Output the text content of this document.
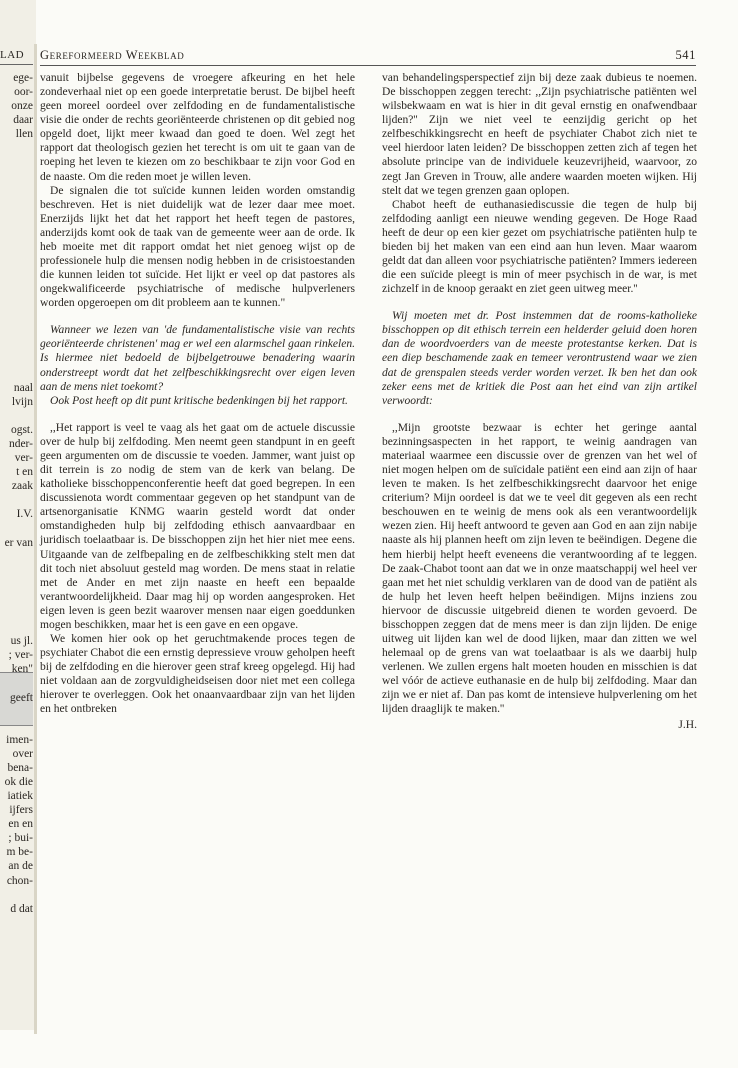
LAD
ege-
oor-
onze
daar
llen
naal
lvijn
ogst.
nder-
ver-
t en
zaak
I.V.
er van
us jl.
; ver-
ken"
geeft
imen-
over
bena-
ok die
iatiek
ijfers
en en
; bui-
m be-
an de
chon-
d dat
Gereformeerd Weekblad	541

vanuit bijbelse gegevens de vroegere afkeuring en het hele zondeverhaal niet op een goede interpretatie berust. De bijbel heeft geen moreel oordeel over zelfdoding en de fundamentalistische visie die onder de rechts georiënteerde christenen op dit gebied nog opgeld doet, lijkt meer kwaad dan goed te doen. Wel zegt het rapport dat theologisch gezien het terecht is om uit te gaan van de roeping het leven te kiezen om zo beschikbaar te zijn voor God en de naaste. Om die reden moet je willen leven.

De signalen die tot suïcide kunnen leiden worden omstandig beschreven. Het is niet duidelijk wat de lezer daar mee moet. Enerzijds lijkt het dat het rapport het heeft tegen de pastores, anderzijds komt ook de taak van de gemeente weer aan de orde. Ik heb moeite met dit rapport omdat het niet genoeg wijst op de professionele hulp die mensen nodig hebben in de crisistoestanden die kunnen leiden tot suïcide. Het lijkt er veel op dat pastores als ongekwalificeerde psychiatrische of medische hulpverleners worden opgeroepen om dit probleem aan te kunnen."

Wanneer we lezen van 'de fundamentalistische visie van rechts georiënteerde christenen' mag er wel een alarmschel gaan rinkelen. Is hiermee niet bedoeld de bijbelgetrouwe benadering waarin onderstreept wordt dat het zelfbeschikkingsrecht over eigen leven aan de mens niet toekomt?

Ook Post heeft op dit punt kritische bedenkingen bij het rapport.

,,Het rapport is veel te vaag als het gaat om de actuele discussie over de hulp bij zelfdoding. Men neemt geen standpunt in en geeft geen argumenten om de discussie te voeden. Jammer, want juist op dit terrein is zo nodig de stem van de kerk van belang. De katholieke bisschoppenconferentie heeft dat goed begrepen. In een discussienota wordt commentaar gegeven op het standpunt van de artsenorganisatie KNMG waarin gesteld wordt dat onder omstandigheden hulp bij zelfdoding ethisch aanvaardbaar en juridisch toelaatbaar is. De bisschoppen zijn het hier niet mee eens. Uitgaande van de zelfbepaling en de zelfbeschikking stelt men dat dit toch niet absoluut gesteld mag worden. De mens staat in relatie met de Ander en met zijn naaste en heeft een bepaalde verantwoordelijkheid. Daar mag hij op worden aangesproken. Het eigen leven is geen bezit waarover mensen naar eigen goeddunken mogen beschikken, maar het is een gave en een opgave.

We komen hier ook op het geruchtmakende proces tegen de psychiater Chabot die een ernstig depressieve vrouw geholpen heeft bij de zelfdoding en die hierover geen straf kreeg opgelegd. Hij had niet voldaan aan de zorgvuldigheidseisen door niet met een collega hierover te overleggen. Ook het onaanvaardbaar zijn van het lijden en het ontbreken

van behandelingsperspectief zijn bij deze zaak dubieus te noemen. De bisschoppen zeggen terecht: ,,Zijn psychiatrische patiënten wel wilsbekwaam en wat is hier in dit geval ernstig en onafwendbaar lijden?'' Zijn we niet veel te eenzijdig gericht op het zelfbeschikkingsrecht en heeft de psychiater Chabot zich niet te veel hierdoor laten leiden? De bisschoppen zetten zich af tegen het absolute principe van de individuele keuzevrijheid, waarvoor, zo zegt Jan Greven in Trouw, alle andere waarden moeten wijken. Hij stelt dat we tegen grenzen gaan oplopen.

Chabot heeft de euthanasiediscussie die tegen de hulp bij zelfdoding aanligt een nieuwe wending gegeven. De Hoge Raad heeft de deur op een kier gezet om psychiatrische patiënten hulp te bieden bij het maken van een eind aan hun leven. Maar waarom geldt dat dan alleen voor psychiatrische patiënten? Immers iedereen die een suïcide pleegt is min of meer psychisch in de war, is met zichzelf in de knoop geraakt en ziet geen uitweg meer.''

Wij moeten met dr. Post instemmen dat de rooms-katholieke bisschoppen op dit ethisch terrein een helderder geluid doen horen dan de woordvoerders van de meeste protestantse kerken. Dat is een diep beschamende zaak en temeer verontrustend waar we zien dat de grenspalen steeds verder worden verzet. Ik ben het dan ook zeker eens met de kritiek die Post aan het eind van zijn artikel verwoordt:

,,Mijn grootste bezwaar is echter het geringe aantal bezinningsaspecten in het rapport, te weinig aandragen van materiaal waarmee een discussie over de grenzen van het wel of niet mogen helpen om de suïcidale patiënt een eind aan zijn of haar leven te maken. Is het zelfbeschikkingsrecht daarvoor het enige criterium? Mijn oordeel is dat we te veel dit gegeven als een recht beschouwen en te weinig de mens ook als een verantwoordelijk wezen zien. Hij heeft antwoord te geven aan God en aan zijn nabije naaste als hij plannen heeft om zijn leven te beëindigen. Degene die hem hierbij helpt heeft eveneens die verantwoording af te leggen. De zaak-Chabot toont aan dat we in onze maatschappij wel heel ver gaan met het niet schuldig verklaren van de dood van de patiënt als de hulp het leven heeft helpen beëindigen. Mijns inziens zou hiervoor de discussie uitgebreid dienen te worden gevoerd. De bisschoppen zeggen dat de mens meer is dan zijn lijden. De enige uitweg uit lijden kan wel de dood lijken, maar dan zitten we wel helemaal op de grens van wat toelaatbaar is als we daarbij hulp verlenen. We zullen ergens halt moeten houden en misschien is dat wel vóór de actieve euthanasie en de hulp bij zelfdoding. Maar dan zijn we er niet af. Dan pas komt de intensieve hulpverlening om het lijden draaglijk te maken.''

J.H.
